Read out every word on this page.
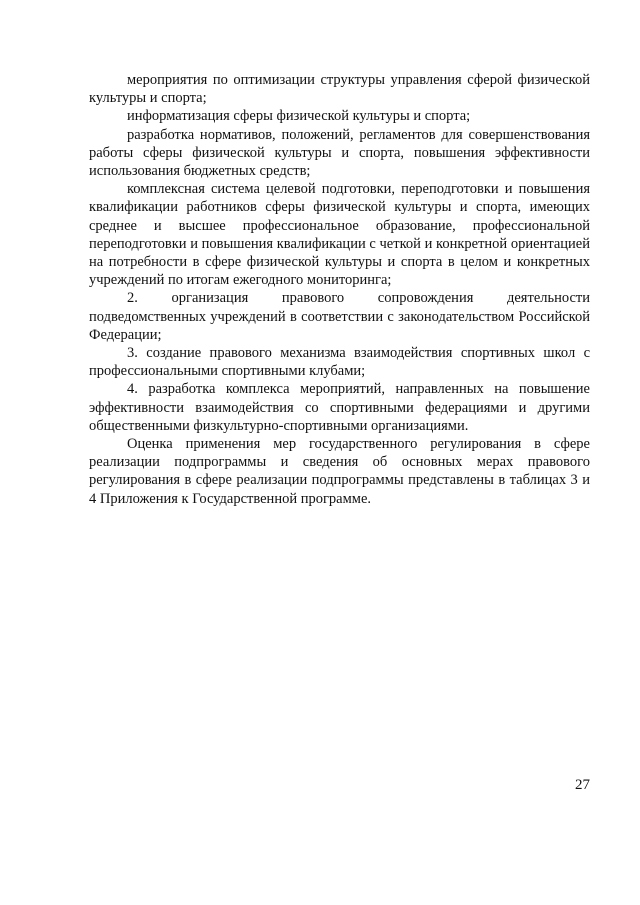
мероприятия по оптимизации структуры управления сферой физической культуры и спорта;

информатизация сферы физической культуры и спорта;

разработка нормативов, положений, регламентов для совершенствования работы сферы физической культуры и спорта, повышения эффективности использования бюджетных средств;

комплексная система целевой подготовки, переподготовки и повышения квалификации работников сферы физической культуры и спорта, имеющих среднее и высшее профессиональное образование, профессиональной переподготовки и повышения квалификации с четкой и конкретной ориентацией на потребности в сфере физической культуры и спорта в целом и конкретных учреждений по итогам ежегодного мониторинга;

2. организация правового сопровождения деятельности подведомственных учреждений в соответствии с законодательством Российской Федерации;

3. создание правового механизма взаимодействия спортивных школ с профессиональными спортивными клубами;

4. разработка комплекса мероприятий, направленных на повышение эффективности взаимодействия со спортивными федерациями и другими общественными физкультурно-спортивными организациями.

Оценка применения мер государственного регулирования в сфере реализации подпрограммы и сведения об основных мерах правового регулирования в сфере реализации подпрограммы представлены в таблицах 3 и 4 Приложения к Государственной программе.

27
